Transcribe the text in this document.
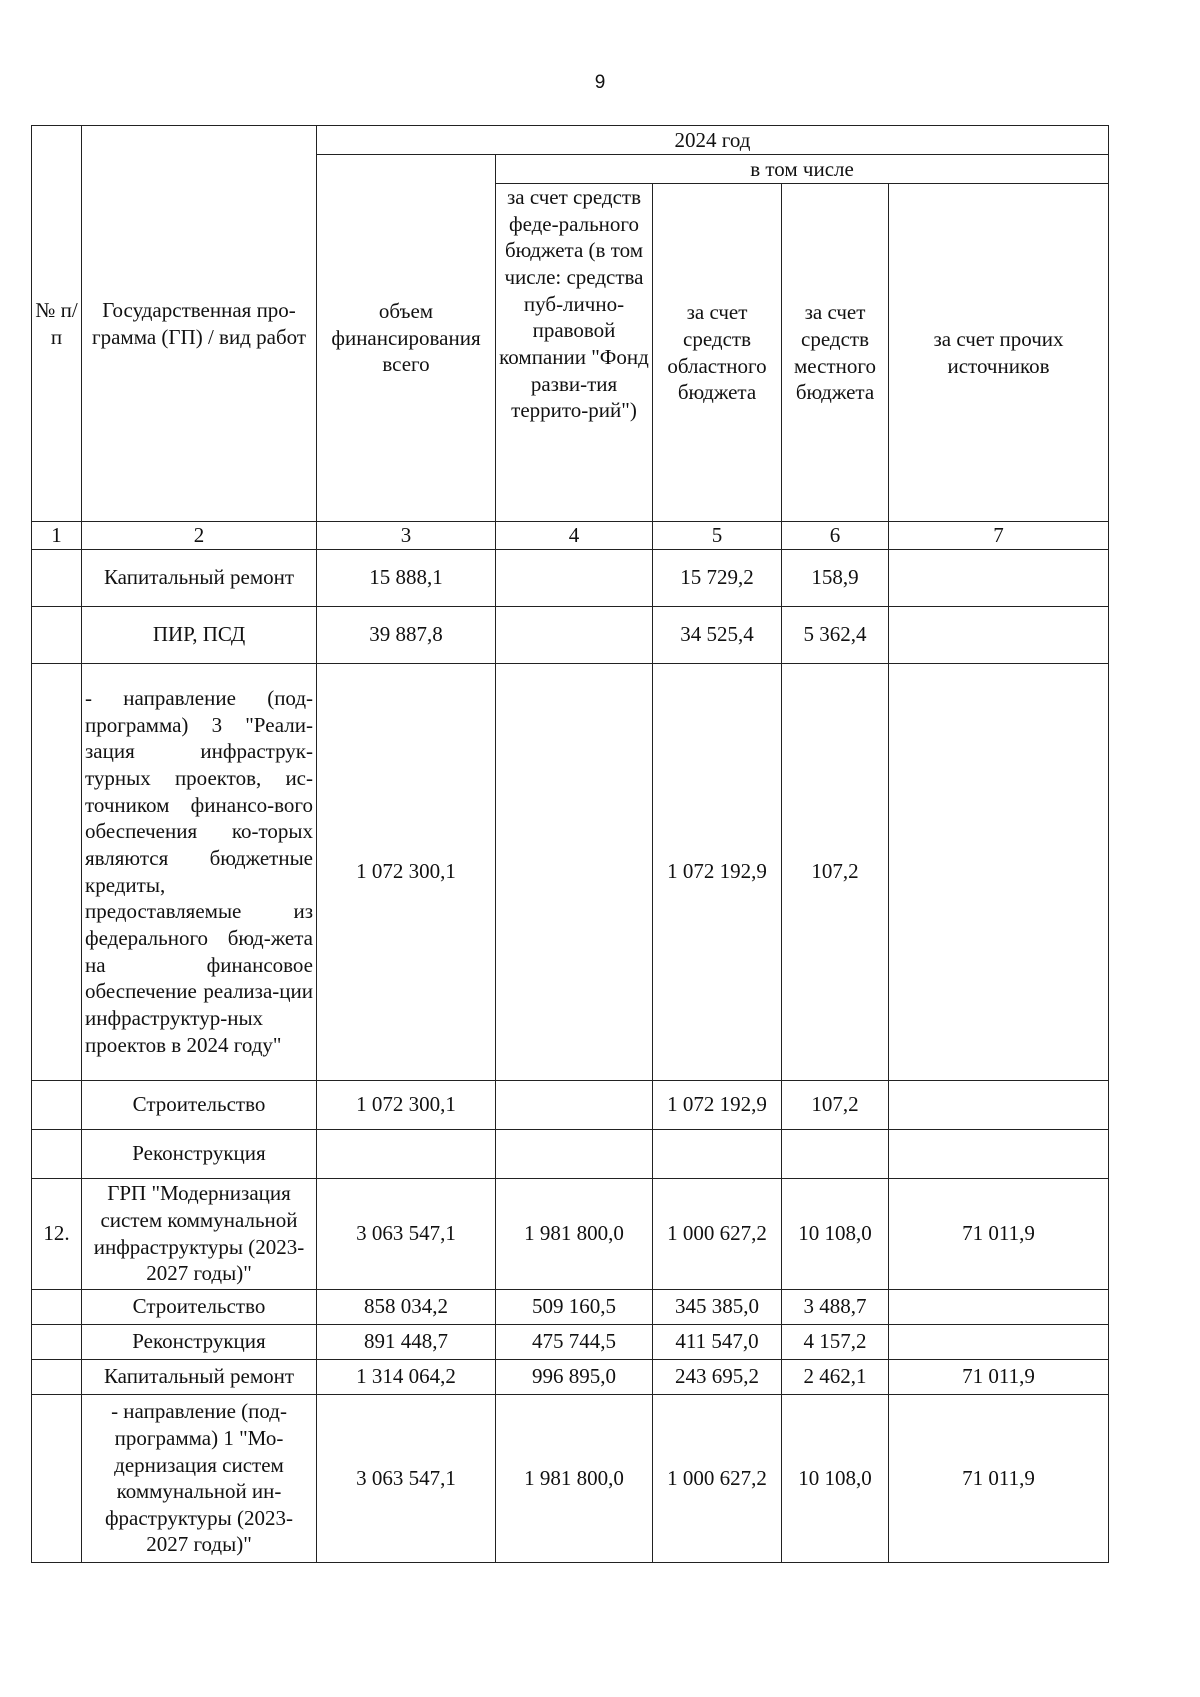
9
№ п/п	Государственная про-грамма (ГП) / вид работ	2024 год				
		объем финансирования всего	в том числе			
			за счет средств феде-рального бюджета (в том числе: средства пуб-лично-правовой компании "Фонд разви-тия террито-рий")	за счет средств областного бюджета	за счет средств местного бюджета	за счет прочих источников
1	2	3	4	5	6	7
	Капитальный ремонт	15 888,1		15 729,2	158,9	
	ПИР, ПСД	39 887,8		34 525,4	5 362,4	
	- направление (под-программа) 3 "Реали-зация инфраструк-турных проектов, ис-точником финансо-вого обеспечения ко-торых являются бюджетные кредиты, предоставляемые из федерального бюд-жета на финансовое обеспечение реализа-ции инфраструктур-ных проектов в 2024 году"	1 072 300,1		1 072 192,9	107,2	
	Строительство	1 072 300,1		1 072 192,9	107,2	
	Реконструкция					
12.	ГРП "Модернизация систем коммунальной инфраструктуры (2023-2027 годы)"	3 063 547,1	1 981 800,0	1 000 627,2	10 108,0	71 011,9
	Строительство	858 034,2	509 160,5	345 385,0	3 488,7	
	Реконструкция	891 448,7	475 744,5	411 547,0	4 157,2	
	Капитальный ремонт	1 314 064,2	996 895,0	243 695,2	2 462,1	71 011,9
	- направление (под-программа) 1 "Мо-дернизация систем коммунальной ин-фраструктуры (2023-2027 годы)"	3 063 547,1	1 981 800,0	1 000 627,2	10 108,0	71 011,9
